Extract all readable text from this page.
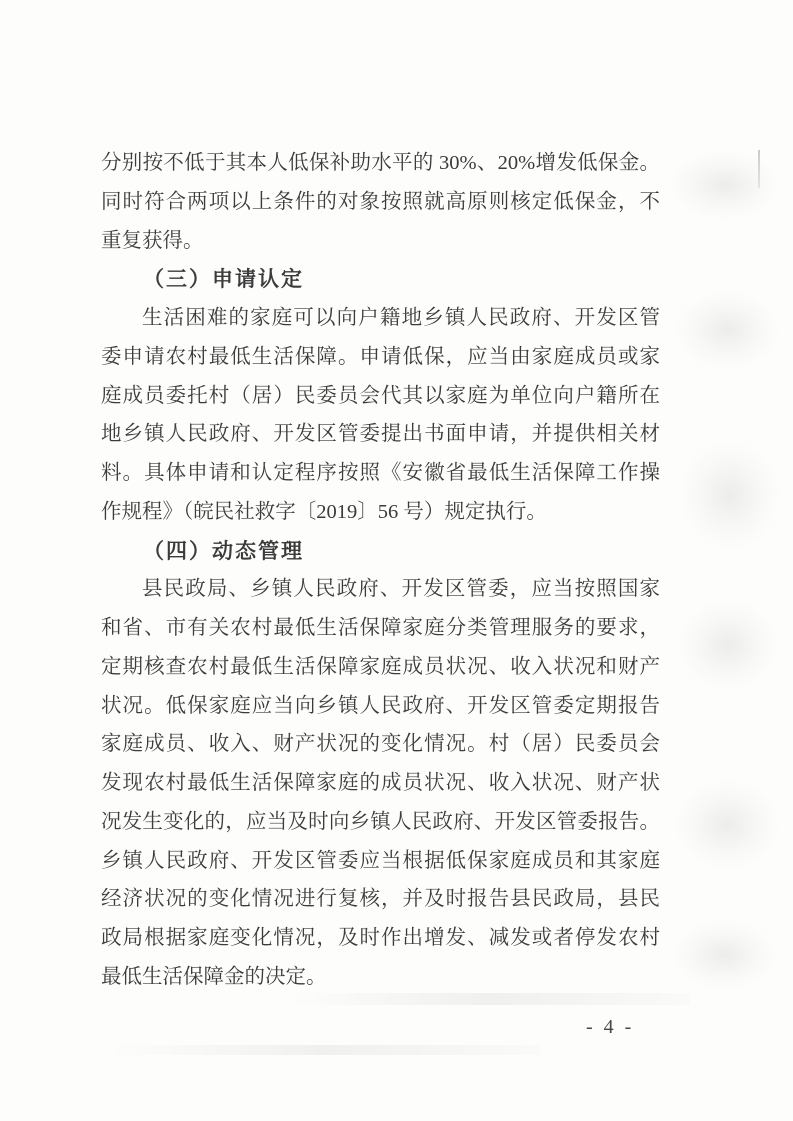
分别按不低于其本人低保补助水平的 30%、20%增发低保金。
同时符合两项以上条件的对象按照就高原则核定低保金，不
重复获得。
（三）申请认定
生活困难的家庭可以向户籍地乡镇人民政府、开发区管
委申请农村最低生活保障。申请低保，应当由家庭成员或家
庭成员委托村（居）民委员会代其以家庭为单位向户籍所在
地乡镇人民政府、开发区管委提出书面申请，并提供相关材
料。具体申请和认定程序按照《安徽省最低生活保障工作操
作规程》（皖民社救字〔2019〕56 号）规定执行。
（四）动态管理
县民政局、乡镇人民政府、开发区管委，应当按照国家
和省、市有关农村最低生活保障家庭分类管理服务的要求，
定期核查农村最低生活保障家庭成员状况、收入状况和财产
状况。低保家庭应当向乡镇人民政府、开发区管委定期报告
家庭成员、收入、财产状况的变化情况。村（居）民委员会
发现农村最低生活保障家庭的成员状况、收入状况、财产状
况发生变化的，应当及时向乡镇人民政府、开发区管委报告。
乡镇人民政府、开发区管委应当根据低保家庭成员和其家庭
经济状况的变化情况进行复核，并及时报告县民政局，县民
政局根据家庭变化情况，及时作出增发、减发或者停发农村
最低生活保障金的决定。
- 4 -
